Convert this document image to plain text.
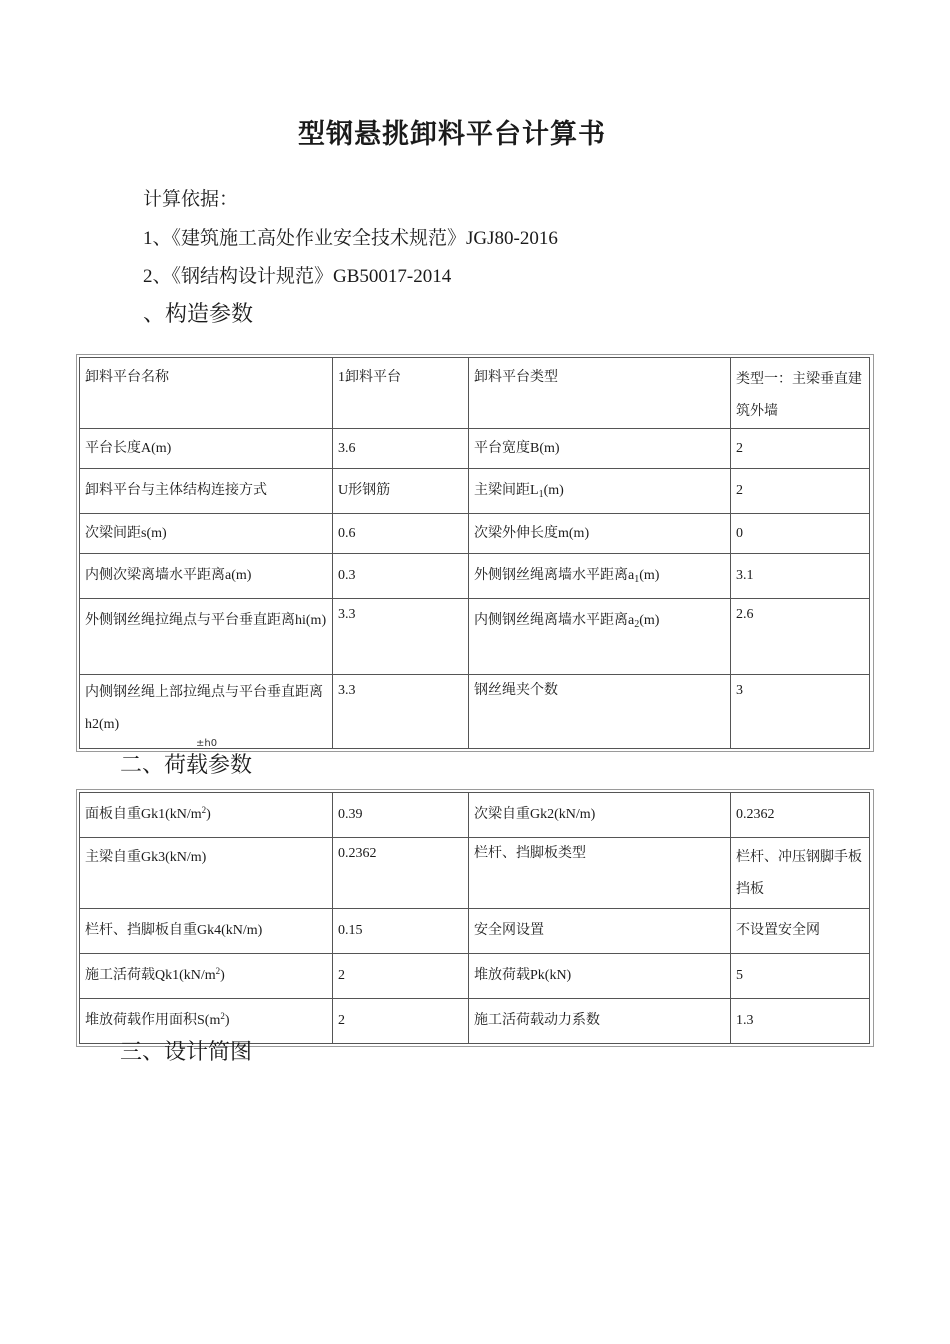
型钢悬挑卸料平台计算书
计算依据：
1、《建筑施工高处作业安全技术规范》JGJ80-2016
2、《钢结构设计规范》GB50017-2014
、构造参数
卸料平台名称	1卸料平台	卸料平台类型	类型一：主梁垂直建筑外墙
平台长度A(m)	3.6	平台宽度B(m)	2
卸料平台与主体结构连接方式	U形钢筋	主梁间距$L_1(m)$	2
次梁间距s(m)	0.6	次梁外伸长度m(m)	0
内侧次梁离墙水平距离a(m)	0.3	外侧钢丝绳离墙水平距离$a_1(m)$	3.1
外侧钢丝绳拉绳点与平台垂直距离hi(m)	3.3	内侧钢丝绳离墙水平距离$a_2(m)$	2.6
内侧钢丝绳上部拉绳点与平台垂直距离h2(m)	3.3	钢丝绳夹个数	3
±h0
二、荷载参数
面板自重$Gk1(kN/m^2)$	0.39	次梁自重Gk2(kN/m)	0.2362
主梁自重Gk3(kN/m)	0.2362	栏杆、挡脚板类型	栏杆、冲压钢脚手板挡板
栏杆、挡脚板自重Gk4(kN/m)	0.15	安全网设置	不设置安全网
施工活荷载$Qk1(kN/m^2)$	2	堆放荷载Pk(kN)	5
堆放荷载作用面积$S(m^2)$	2	施工活荷载动力系数	1.3
三、设计简图
